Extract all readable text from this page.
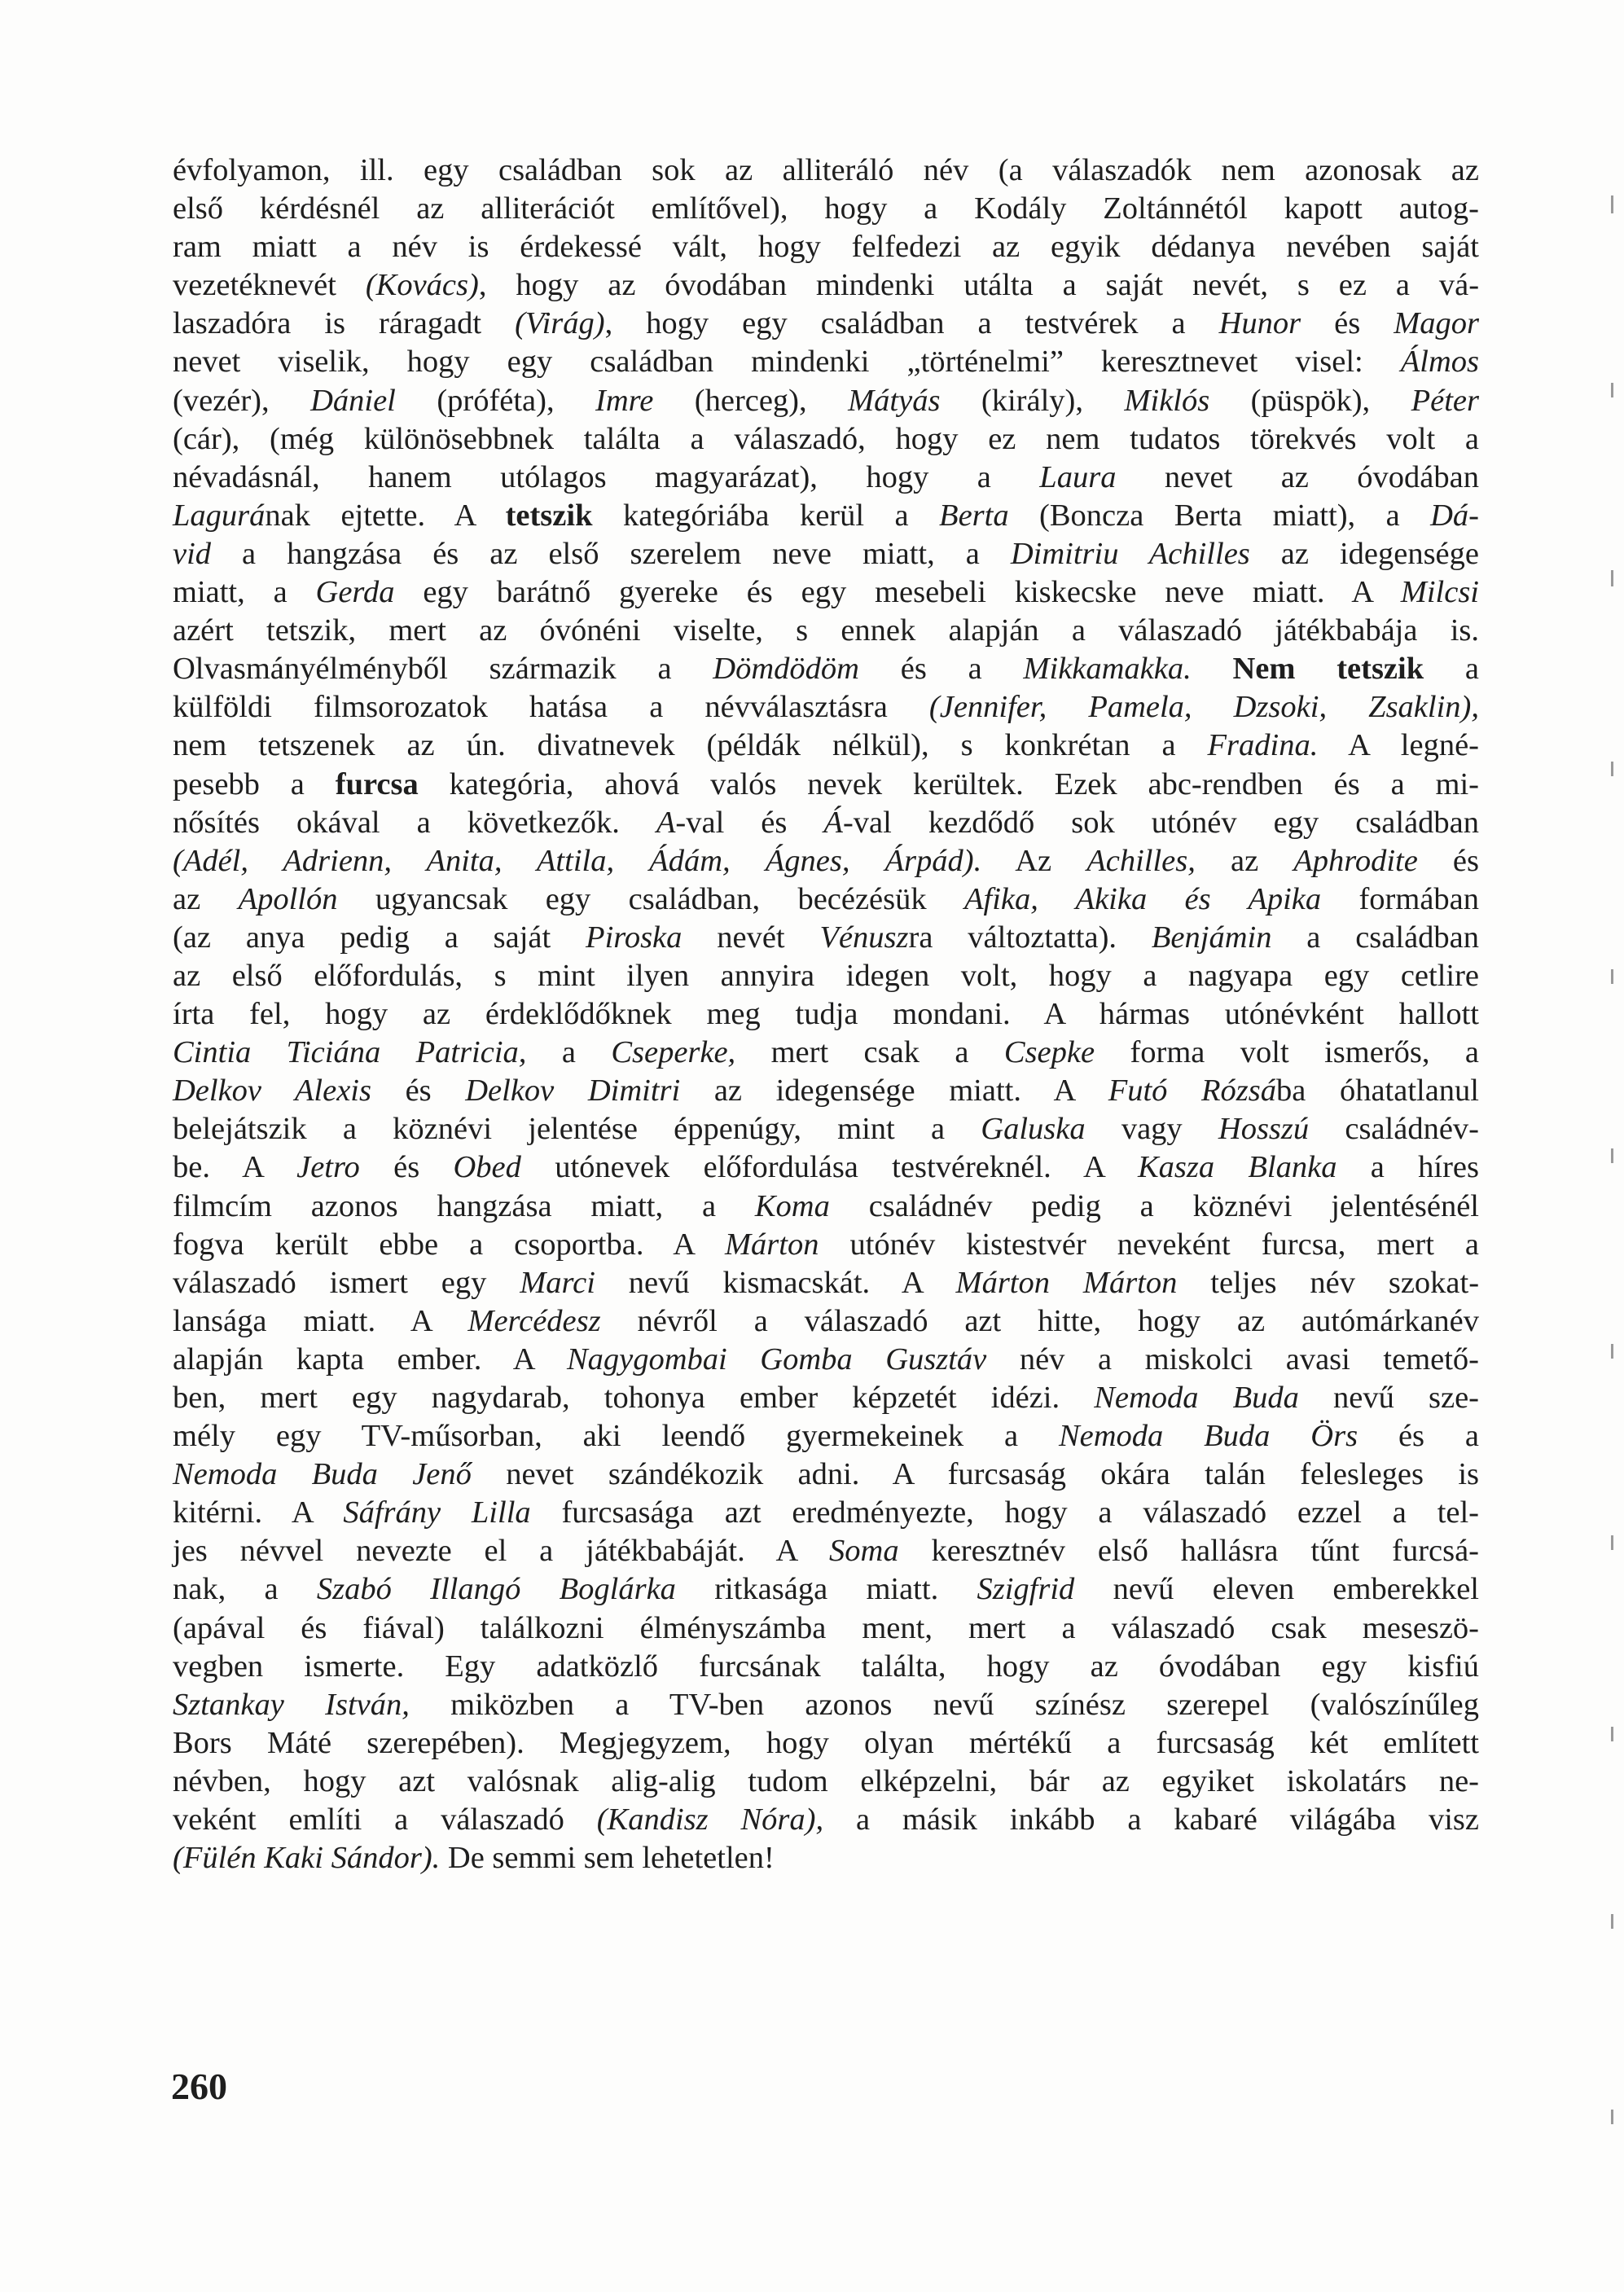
évfolyamon, ill. egy családban sok az alliteráló név (a válaszadók nem azonosak az
első kérdésnél az alliterációt említővel), hogy a Kodály Zoltánnétól kapott autog-
ram miatt a név is érdekessé vált, hogy felfedezi az egyik dédanya nevében saját
vezetéknevét (Kovács), hogy az óvodában mindenki utálta a saját nevét, s ez a vá-
laszadóra is ráragadt (Virág), hogy egy családban a testvérek a Hunor és Magor
nevet viselik, hogy egy családban mindenki „történelmi” keresztnevet visel: Álmos
(vezér), Dániel (próféta), Imre (herceg), Mátyás (király), Miklós (püspök), Péter
(cár), (még különösebbnek találta a válaszadó, hogy ez nem tudatos törekvés volt a
névadásnál, hanem utólagos magyarázat), hogy a Laura nevet az óvodában
Lagurának ejtette. A tetszik kategóriába kerül a Berta (Boncza Berta miatt), a Dá-
vid a hangzása és az első szerelem neve miatt, a Dimitriu Achilles az idegensége
miatt, a Gerda egy barátnő gyereke és egy mesebeli kiskecske neve miatt. A Milcsi
azért tetszik, mert az óvónéni viselte, s ennek alapján a válaszadó játékbabája is.
Olvasmányélményből származik a Dömdödöm és a Mikkamakka. Nem tetszik a
külföldi filmsorozatok hatása a névválasztásra (Jennifer, Pamela, Dzsoki, Zsaklin),
nem tetszenek az ún. divatnevek (példák nélkül), s konkrétan a Fradina. A legné-
pesebb a furcsa kategória, ahová valós nevek kerültek. Ezek abc-rendben és a mi-
nősítés okával a következők. A-val és Á-val kezdődő sok utónév egy családban
(Adél, Adrienn, Anita, Attila, Ádám, Ágnes, Árpád). Az Achilles, az Aphrodite és
az Apollón ugyancsak egy családban, becézésük Afika, Akika és Apika formában
(az anya pedig a saját Piroska nevét Vénuszra változtatta). Benjámin a családban
az első előfordulás, s mint ilyen annyira idegen volt, hogy a nagyapa egy cetlire
írta fel, hogy az érdeklődőknek meg tudja mondani. A hármas utónévként hallott
Cintia Ticiána Patricia, a Cseperke, mert csak a Csepke forma volt ismerős, a
Delkov Alexis és Delkov Dimitri az idegensége miatt. A Futó Rózsába óhatatlanul
belejátszik a köznévi jelentése éppenúgy, mint a Galuska vagy Hosszú családnév-
be. A Jetro és Obed utónevek előfordulása testvéreknél. A Kasza Blanka a híres
filmcím azonos hangzása miatt, a Koma családnév pedig a köznévi jelentésénél
fogva került ebbe a csoportba. A Márton utónév kistestvér neveként furcsa, mert a
válaszadó ismert egy Marci nevű kismacskát. A Márton Márton teljes név szokat-
lansága miatt. A Mercédesz névről a válaszadó azt hitte, hogy az autómárkanév
alapján kapta ember. A Nagygombai Gomba Gusztáv név a miskolci avasi temető-
ben, mert egy nagydarab, tohonya ember képzetét idézi. Nemoda Buda nevű sze-
mély egy TV-műsorban, aki leendő gyermekeinek a Nemoda Buda Örs és a
Nemoda Buda Jenő nevet szándékozik adni. A furcsaság okára talán felesleges is
kitérni. A Sáfrány Lilla furcsasága azt eredményezte, hogy a válaszadó ezzel a tel-
jes névvel nevezte el a játékbabáját. A Soma keresztnév első hallásra tűnt furcsá-
nak, a Szabó Illangó Boglárka ritkasága miatt. Szigfrid nevű eleven emberekkel
(apával és fiával) találkozni élményszámba ment, mert a válaszadó csak meseszö-
vegben ismerte. Egy adatközlő furcsának találta, hogy az óvodában egy kisfiú
Sztankay István, miközben a TV-ben azonos nevű színész szerepel (valószínűleg
Bors Máté szerepében). Megjegyzem, hogy olyan mértékű a furcsaság két említett
névben, hogy azt valósnak alig-alig tudom elképzelni, bár az egyiket iskolatárs ne-
veként említi a válaszadó (Kandisz Nóra), a másik inkább a kabaré világába visz
(Fülén Kaki Sándor). De semmi sem lehetetlen!
260
